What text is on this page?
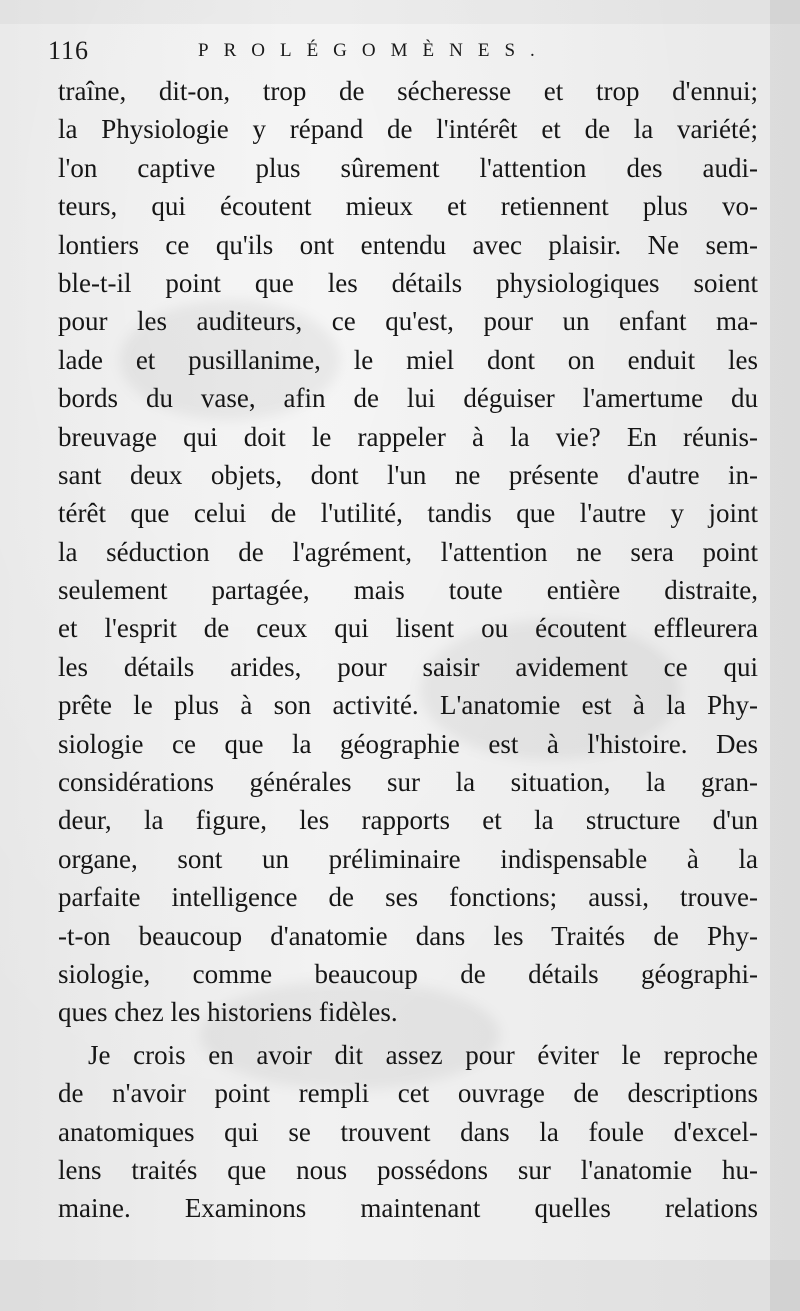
116	PROLÉGOMÈNES.
traîne, dit-on, trop de sécheresse et trop d'ennui;
la Physiologie y répand de l'intérêt et de la variété;
l'on captive plus sûrement l'attention des audi-
teurs, qui écoutent mieux et retiennent plus vo-
lontiers ce qu'ils ont entendu avec plaisir. Ne sem-
ble-t-il point que les détails physiologiques soient
pour les auditeurs, ce qu'est, pour un enfant ma-
lade et pusillanime, le miel dont on enduit les
bords du vase, afin de lui déguiser l'amertume du
breuvage qui doit le rappeler à la vie? En réunis-
sant deux objets, dont l'un ne présente d'autre in-
térêt que celui de l'utilité, tandis que l'autre y joint
la séduction de l'agrément, l'attention ne sera point
seulement partagée, mais toute entière distraite,
et l'esprit de ceux qui lisent ou écoutent effleurera
les détails arides, pour saisir avidement ce qui
prête le plus à son activité. L'anatomie est à la Phy-
siologie ce que la géographie est à l'histoire. Des
considérations générales sur la situation, la gran-
deur, la figure, les rapports et la structure d'un
organe, sont un préliminaire indispensable à la
parfaite intelligence de ses fonctions; aussi, trouve-
-t-on beaucoup d'anatomie dans les Traités de Phy-
siologie, comme beaucoup de détails géographi-
ques chez les historiens fidèles.
Je crois en avoir dit assez pour éviter le reproche
de n'avoir point rempli cet ouvrage de descriptions
anatomiques qui se trouvent dans la foule d'excel-
lens traités que nous possédons sur l'anatomie hu-
maine. Examinons maintenant quelles relations
